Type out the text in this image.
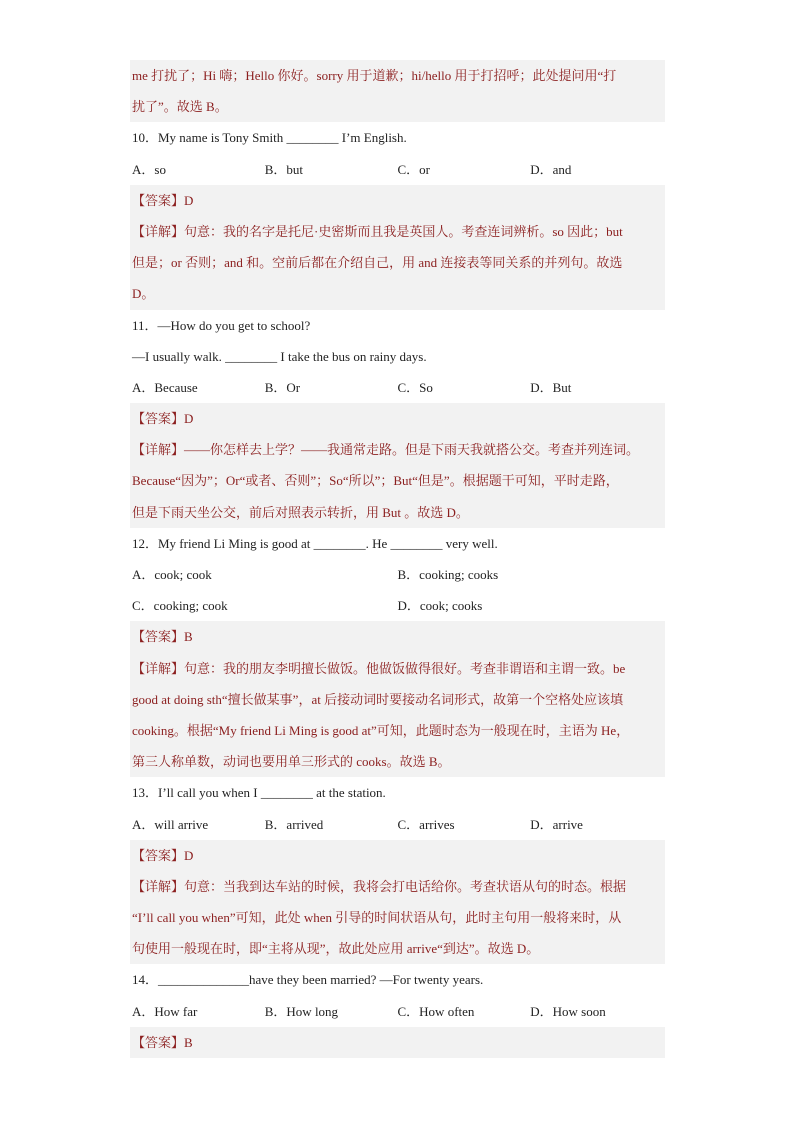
me 打扰了；Hi 嗨；Hello 你好。sorry 用于道歉；hi/hello 用于打招呼；此处提问用“打
扰了”。故选 B。
10．My name is Tony Smith ________ I’m English.
A．so	B．but	C．or	D．and
【答案】D
【详解】句意：我的名字是托尼·史密斯而且我是英国人。考查连词辨析。so 因此；but
但是；or 否则；and 和。空前后都在介绍自己，用 and 连接表等同关系的并列句。故选
D。
11．—How do you get to school?
—I usually walk. ________ I take the bus on rainy days.
A．Because	B．Or	C．So	D．But
【答案】D
【详解】——你怎样去上学？——我通常走路。但是下雨天我就搭公交。考查并列连词。
Because“因为”；Or“或者、否则”；So“所以”；But“但是”。根据题干可知，平时走路，
但是下雨天坐公交，前后对照表示转折，用 But 。故选 D。
12．My friend Li Ming is good at ________. He ________ very well.
A．cook; cook	B．cooking; cooks
C．cooking; cook	D．cook; cooks
【答案】B
【详解】句意：我的朋友李明擅长做饭。他做饭做得很好。考查非谓语和主谓一致。be
good at doing sth“擅长做某事”，at 后接动词时要接动名词形式，故第一个空格处应该填
cooking。根据“My friend Li Ming is good at”可知，此题时态为一般现在时，主语为 He，
第三人称单数，动词也要用单三形式的 cooks。故选 B。
13．I’ll call you when I ________ at the station.
A．will arrive	B．arrived	C．arrives	D．arrive
【答案】D
【详解】句意：当我到达车站的时候，我将会打电话给你。考查状语从句的时态。根据
“I’ll call you when”可知，此处 when 引导的时间状语从句，此时主句用一般将来时，从
句使用一般现在时，即“主将从现”，故此处应用 arrive“到达”。故选 D。
14．______________have they been married? —For twenty years.
A．How far	B．How long	C．How often	D．How soon
【答案】B
